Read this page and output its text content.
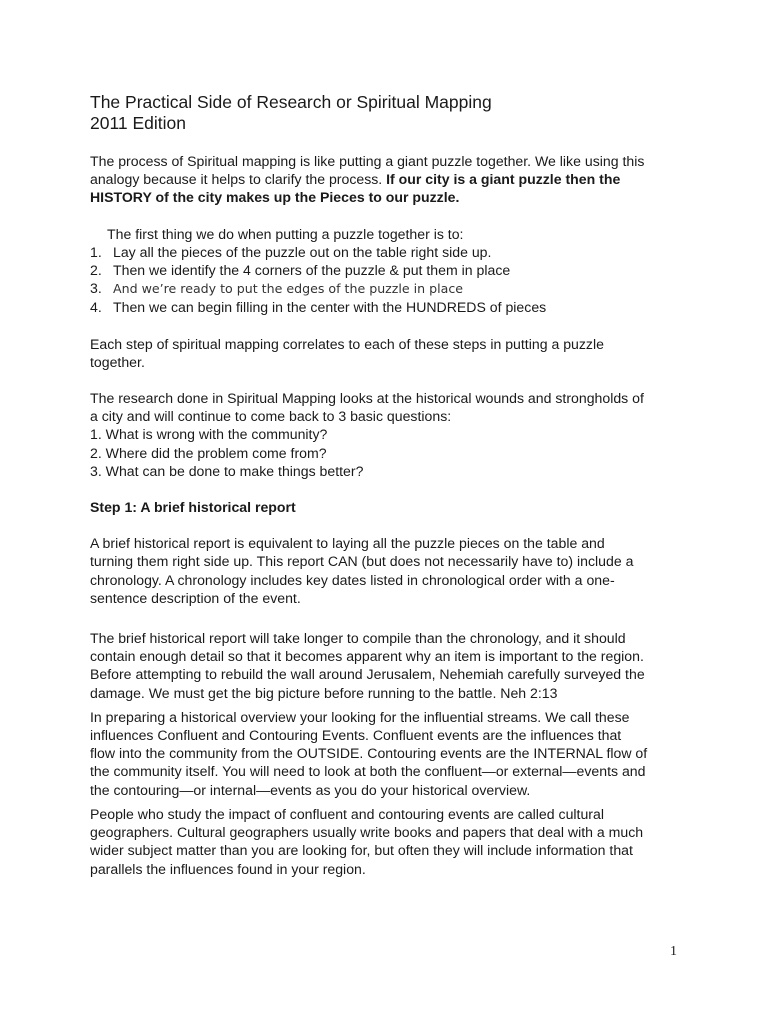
The Practical Side of Research or Spiritual Mapping
2011 Edition

The process of Spiritual mapping is like putting a giant puzzle together. We like using this analogy because it helps to clarify the process. If our city is a giant puzzle then the HISTORY of the city makes up the Pieces to our puzzle.

The first thing we do when putting a puzzle together is to:

1. Lay all the pieces of the puzzle out on the table right side up.
2. Then we identify the 4 corners of the puzzle & put them in place
3. And we’re ready to put the edges of the puzzle in place
4. Then we can begin filling in the center with the HUNDREDS of pieces

Each step of spiritual mapping correlates to each of these steps in putting a puzzle together.

The research done in Spiritual Mapping looks at the historical wounds and strongholds of a city and will continue to come back to 3 basic questions:

1. What is wrong with the community?
2. Where did the problem come from?
3. What can be done to make things better?

Step 1: A brief historical report

A brief historical report is equivalent to laying all the puzzle pieces on the table and turning them right side up. This report CAN (but does not necessarily have to) include a chronology. A chronology includes key dates listed in chronological order with a one-sentence description of the event.

The brief historical report will take longer to compile than the chronology, and it should contain enough detail so that it becomes apparent why an item is important to the region. Before attempting to rebuild the wall around Jerusalem, Nehemiah carefully surveyed the damage. We must get the big picture before running to the battle. Neh 2:13

In preparing a historical overview your looking for the influential streams. We call these influences Confluent and Contouring Events. Confluent events are the influences that flow into the community from the OUTSIDE. Contouring events are the INTERNAL flow of the community itself. You will need to look at both the confluent—or external—events and the contouring—or internal—events as you do your historical overview.

People who study the impact of confluent and contouring events are called cultural geographers. Cultural geographers usually write books and papers that deal with a much wider subject matter than you are looking for, but often they will include information that parallels the influences found in your region.

1
